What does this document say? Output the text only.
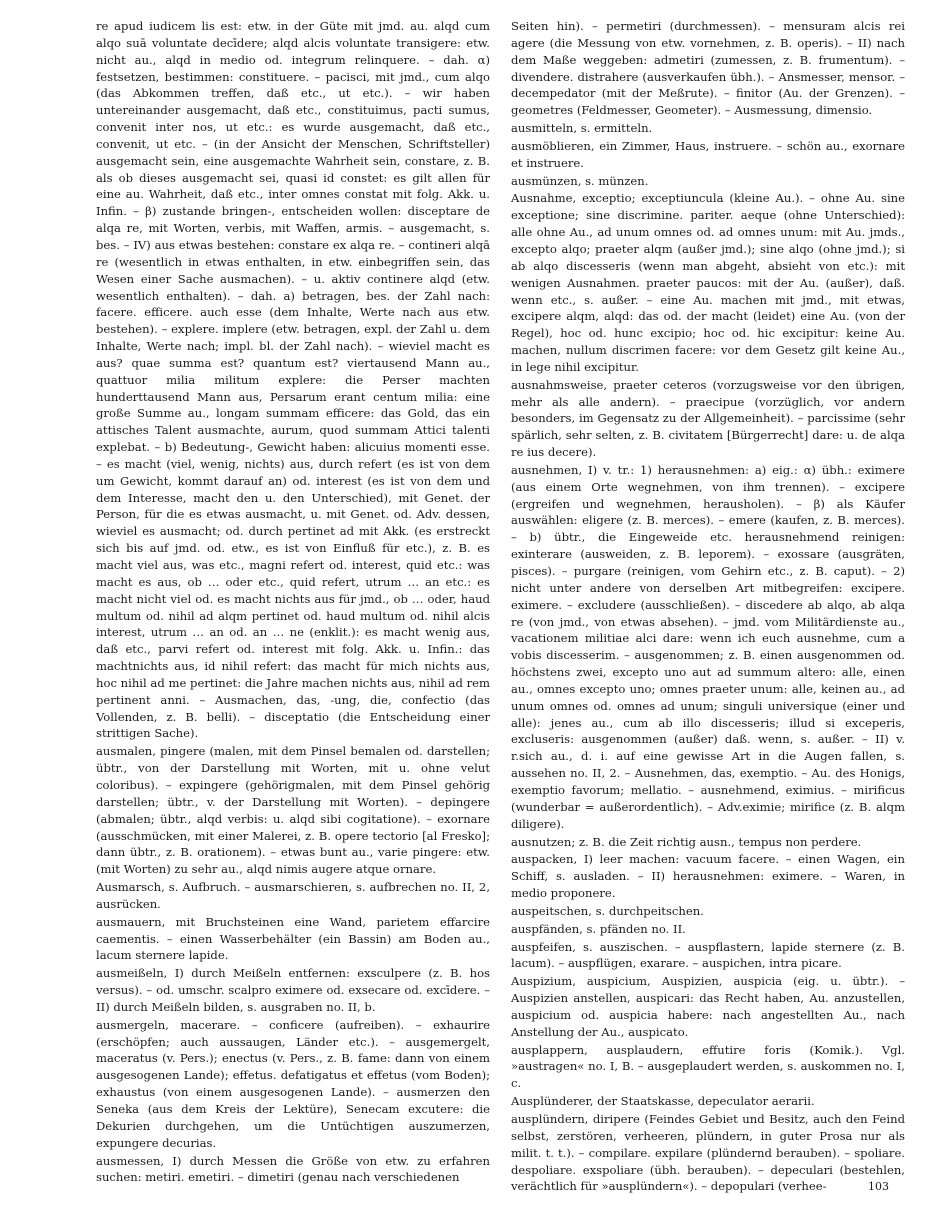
re apud iudicem lis est: etw. in der Güte mit jmd. au. alqd cum alqo suā voluntate decīdere; alqd alcis voluntate transigere: etw. nicht au., alqd in medio od. integrum relinquere. – dah. α) festsetzen, bestimmen: constituere. – pacisci, mit jmd., cum alqo (das Abkommen treffen, daß etc., ut etc.). – wir haben untereinander ausgemacht, daß etc., constituimus, pacti sumus, convenit inter nos, ut etc.: es wurde ausgemacht, daß etc., convenit, ut etc. – (in der Ansicht der Menschen, Schriftsteller) ausgemacht sein, eine ausgemachte Wahrheit sein, constare, z. B. als ob dieses ausgemacht sei, quasi id constet: es gilt allen für eine au. Wahrheit, daß etc., inter omnes constat mit folg. Akk. u. Infin. – β) zustande bringen-, entscheiden wollen: disceptare de alqa re, mit Worten, verbis, mit Waffen, armis. – ausgemacht, s. bes. – IV) aus etwas bestehen: constare ex alqa re. – contineri alqā re (wesentlich in etwas enthalten, in etw. einbegriffen sein, das Wesen einer Sache ausmachen). – u. aktiv continere alqd (etw. wesentlich enthalten). – dah. a) betragen, bes. der Zahl nach: facere. efficere. auch esse (dem Inhalte, Werte nach aus etw. bestehen). – explere. implere (etw. betragen, expl. der Zahl u. dem Inhalte, Werte nach; impl. bl. der Zahl nach). – wieviel macht es aus? quae summa est? quantum est? viertausend Mann au., quattuor milia militum explere: die Perser machten hunderttausend Mann aus, Persarum erant centum milia: eine große Summe au., longam summam efficere: das Gold, das ein attisches Talent ausmachte, aurum, quod summam Attici talenti explebat. – b) Bedeutung-, Gewicht haben: alicuius momenti esse. – es macht (viel, wenig, nichts) aus, durch refert (es ist von dem um Gewicht, kommt darauf an) od. interest (es ist von dem und dem Interesse, macht den u. den Unterschied), mit Genet. der Person, für die es etwas ausmacht, u. mit Genet. od. Adv. dessen, wieviel es ausmacht; od. durch pertinet ad mit Akk. (es erstreckt sich bis auf jmd. od. etw., es ist von Einfluß für etc.), z. B. es macht viel aus, was etc., magni refert od. interest, quid etc.: was macht es aus, ob … oder etc., quid refert, utrum … an etc.: es macht nicht viel od. es macht nichts aus für jmd., ob … oder, haud multum od. nihil ad alqm pertinet od. haud multum od. nihil alcis interest, utrum … an od. an … ne (enklit.): es macht wenig aus, daß etc., parvi refert od. interest mit folg. Akk. u. Infin.: das machtnichts aus, id nihil refert: das macht für mich nichts aus, hoc nihil ad me pertinet: die Jahre machen nichts aus, nihil ad rem pertinent anni. – Ausmachen, das, -ung, die, confectio (das Vollenden, z. B. belli). – disceptatio (die Entscheidung einer strittigen Sache).

ausmalen, pingere (malen, mit dem Pinsel bemalen od. darstellen; übtr., von der Darstellung mit Worten, mit u. ohne velut coloribus). – expingere (gehörigmalen, mit dem Pinsel gehörig darstellen; übtr., v. der Darstellung mit Worten). – depingere (abmalen; übtr., alqd verbis: u. alqd sibi cogitatione). – exornare (ausschmücken, mit einer Malerei, z. B. opere tectorio [al Fresko]; dann übtr., z. B. orationem). – etwas bunt au., varie pingere: etw. (mit Worten) zu sehr au., alqd nimis augere atque ornare.

Ausmarsch, s. Aufbruch. – ausmarschieren, s. aufbrechen no. II, 2, ausrücken.

ausmauern, mit Bruchsteinen eine Wand, parietem effarcire caementis. – einen Wasserbehälter (ein Bassin) am Boden au., lacum sternere lapide.

ausmeißeln, I) durch Meißeln entfernen: exsculpere (z. B. hos versus). – od. umschr. scalpro eximere od. exsecare od. excīdere. – II) durch Meißeln bilden, s. ausgraben no. II, b.

ausmergeln, macerare. – conficere (aufreiben). – exhaurire (erschöpfen; auch aussaugen, Länder etc.). – ausgemergelt, maceratus (v. Pers.); enectus (v. Pers., z. B. fame: dann von einem ausgesogenen Lande); effetus. defatigatus et effetus (vom Boden); exhaustus (von einem ausgesogenen Lande). – ausmerzen den Seneka (aus dem Kreis der Lektüre), Senecam excutere: die Dekurien durchgehen, um die Untüchtigen auszumerzen, expungere decurias.

ausmessen, I) durch Messen die Größe von etw. zu erfahren suchen: metiri. emetiri. – dimetiri (genau nach verschiedenen

Seiten hin). – permetiri (durchmessen). – mensuram alcis rei agere (die Messung von etw. vornehmen, z. B. operis). – II) nach dem Maße weggeben: admetiri (zumessen, z. B. frumentum). – divendere. distrahere (ausverkaufen übh.). – Ansmesser, mensor. – decempedator (mit der Meßrute). – finitor (Au. der Grenzen). – geometres (Feldmesser, Geometer). – Ausmessung, dimensio.

ausmitteln, s. ermitteln.

ausmöblieren, ein Zimmer, Haus, instruere. – schön au., exornare et instruere.

ausmünzen, s. münzen.

Ausnahme, exceptio; exceptiuncula (kleine Au.). – ohne Au. sine exceptione; sine discrimine. pariter. aeque (ohne Unterschied): alle ohne Au., ad unum omnes od. ad omnes unum: mit Au. jmds., excepto alqo; praeter alqm (außer jmd.); sine alqo (ohne jmd.); si ab alqo discesseris (wenn man abgeht, absieht von etc.): mit wenigen Ausnahmen. praeter paucos: mit der Au. (außer), daß. wenn etc., s. außer. – eine Au. machen mit jmd., mit etwas, excipere alqm, alqd: das od. der macht (leidet) eine Au. (von der Regel), hoc od. hunc excipio; hoc od. hic excipitur: keine Au. machen, nullum discrimen facere: vor dem Gesetz gilt keine Au., in lege nihil excipitur.

ausnahmsweise, praeter ceteros (vorzugsweise vor den übrigen, mehr als alle andern). – praecipue (vorzüglich, vor andern besonders, im Gegensatz zu der Allgemeinheit). – parcissime (sehr spärlich, sehr selten, z. B. civitatem [Bürgerrecht] dare: u. de alqa re ius decere).

ausnehmen, I) v. tr.: 1) herausnehmen: a) eig.: α) übh.: eximere (aus einem Orte wegnehmen, von ihm trennen). – excipere (ergreifen und wegnehmen, herausholen). – β) als Käufer auswählen: eligere (z. B. merces). – emere (kaufen, z. B. merces). – b) übtr., die Eingeweide etc. herausnehmend reinigen: exinterare (ausweiden, z. B. leporem). – exossare (ausgräten, pisces). – purgare (reinigen, vom Gehirn etc., z. B. caput). – 2) nicht unter andere von derselben Art mitbegreifen: excipere. eximere. – excludere (ausschließen). – discedere ab alqo, ab alqa re (von jmd., von etwas absehen). – jmd. vom Militärdienste au., vacationem militiae alci dare: wenn ich euch ausnehme, cum a vobis discesserim. – ausgenommen; z. B. einen ausgenommen od. höchstens zwei, excepto uno aut ad summum altero: alle, einen au., omnes excepto uno; omnes praeter unum: alle, keinen au., ad unum omnes od. omnes ad unum; singuli universique (einer und alle): jenes au., cum ab illo discesseris; illud si exceperis, excluseris: ausgenommen (außer) daß. wenn, s. außer. – II) v. r.sich au., d. i. auf eine gewisse Art in die Augen fallen, s. aussehen no. II, 2. – Ausnehmen, das, exemptio. – Au. des Honigs, exemptio favorum; mellatio. – ausnehmend, eximius. – mirificus (wunderbar = außerordentlich). – Adv.eximie; mirifice (z. B. alqm diligere).

ausnutzen; z. B. die Zeit richtig ausn., tempus non perdere.

auspacken, I) leer machen: vacuum facere. – einen Wagen, ein Schiff, s. ausladen. – II) herausnehmen: eximere. – Waren, in medio proponere.

auspeitschen, s. durchpeitschen.

auspfänden, s. pfänden no. II.

auspfeifen, s. auszischen. – auspflastern, lapide sternere (z. B. lacum). – auspflügen, exarare. – auspichen, intra picare.

Auspizium, auspicium, Auspizien, auspicia (eig. u. übtr.). – Auspizien anstellen, auspicari: das Recht haben, Au. anzustellen, auspicium od. auspicia habere: nach angestellten Au., nach Anstellung der Au., auspicato.

ausplappern, ausplaudern, effutire foris (Komik.). Vgl. »austragen« no. I, B. – ausgeplaudert werden, s. auskommen no. I, c.

Ausplünderer, der Staatskasse, depeculator aerarii.

ausplündern, diripere (Feindes Gebiet und Besitz, auch den Feind selbst, zerstören, verheeren, plündern, in guter Prosa nur als milit. t. t.). – compilare. expilare (plündernd berauben). – spoliare. despoliare. exspoliare (übh. berauben). – depeculari (bestehlen, verächtlich für »ausplündern«). – depopulari (verhee-	103
